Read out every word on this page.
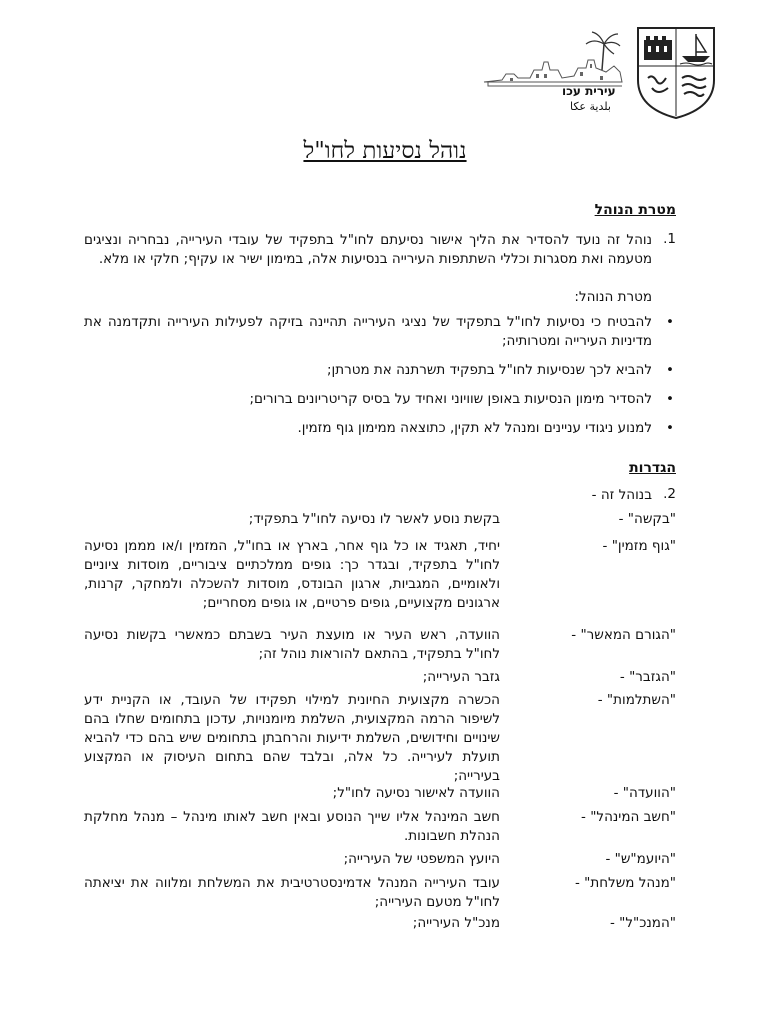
עירית עכו
بلدية عكا
נוהל נסיעות לחו"ל
מטרת הנוהל
1.
נוהל זה נועד להסדיר את הליך אישור נסיעתם לחו"ל בתפקיד של עובדי העירייה, נבחריה ונציגים מטעמה ואת מסגרות וכללי השתתפות העירייה בנסיעות אלה, במימון ישיר או עקיף; חלקי או מלא.
מטרת הנוהל:
• להבטיח כי נסיעות לחו"ל בתפקיד של נציגי העירייה תהיינה בזיקה לפעילות העירייה ותקדמנה את מדיניות העירייה ומטרותיה;
• להביא לכך שנסיעות לחו"ל בתפקיד תשרתנה את מטרתן;
• להסדיר מימון הנסיעות באופן שוויוני ואחיד על בסיס קריטריונים ברורים;
• למנוע ניגודי עניינים ומנהל לא תקין, כתוצאה ממימון גוף מזמין.
הגדרות
2.
בנוהל זה -
"בקשה" -
בקשת נוסע לאשר לו נסיעה לחו"ל בתפקיד;
"גוף מזמין" -
יחיד, תאגיד או כל גוף אחר, בארץ או בחו"ל, המזמין ו/או מממן נסיעה לחו"ל בתפקיד, ובגדר כך: גופים ממלכתיים ציבוריים, מוסדות ציוניים ולאומיים, המגביות, ארגון הבונדס, מוסדות להשכלה ולמחקר, קרנות, ארגונים מקצועיים, גופים פרטיים, או גופים מסחריים;
"הגורם המאשר" -
הוועדה, ראש העיר או מועצת העיר בשבתם כמאשרי בקשות נסיעה לחו"ל בתפקיד, בהתאם להוראות נוהל זה;
"הגזבר" -
גזבר העירייה;
"השתלמות" -
הכשרה מקצועית החיונית למילוי תפקידו של העובד, או הקניית ידע לשיפור הרמה המקצועית, השלמת מיומנויות, עדכון בתחומים שחלו בהם שינויים וחידושים, השלמת ידיעות והרחבתן בתחומים שיש בהם כדי להביא תועלת לעירייה. כל אלה, ובלבד שהם בתחום העיסוק או המקצוע בעירייה;
"הוועדה" -
הוועדה לאישור נסיעה לחו"ל;
"חשב המינהל" -
חשב המינהל אליו שייך הנוסע ובאין חשב לאותו מינהל – מנהל מחלקת הנהלת חשבונות.
"היועמ"ש" -
היועץ המשפטי של העירייה;
"מנהל משלחת" -
עובד העירייה המנהל אדמינסטרטיבית את המשלחת ומלווה את יציאתה לחו"ל מטעם העירייה;
"המנכ"ל" -
מנכ"ל העירייה;
